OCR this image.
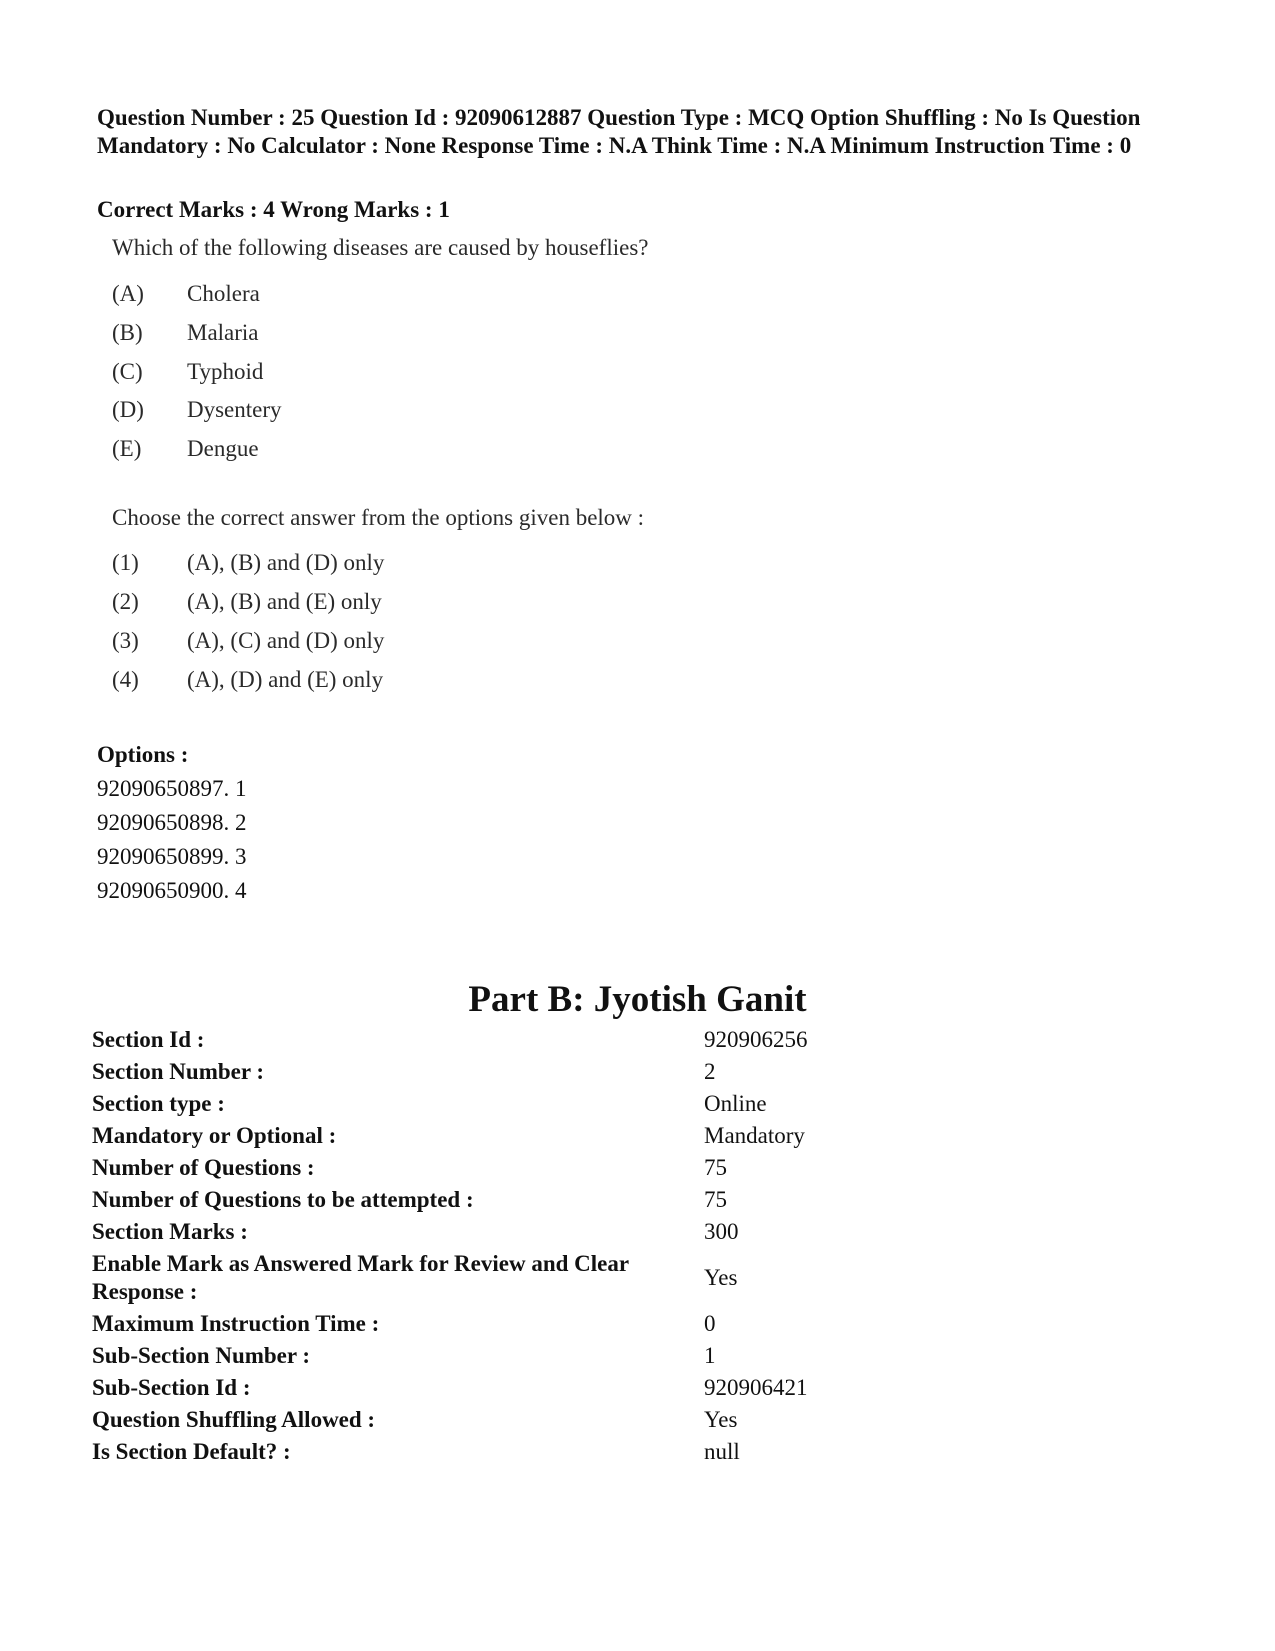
Question Number : 25 Question Id : 92090612887 Question Type : MCQ Option Shuffling : No Is Question Mandatory : No Calculator : None Response Time : N.A Think Time : N.A Minimum Instruction Time : 0
Correct Marks : 4 Wrong Marks : 1
Which of the following diseases are caused by houseflies?
(A)	Cholera
(B)	Malaria
(C)	Typhoid
(D)	Dysentery
(E)	Dengue
Choose the correct answer from the options given below :
(1)	(A), (B) and (D) only
(2)	(A), (B) and (E) only
(3)	(A), (C) and (D) only
(4)	(A), (D) and (E) only
Options :
92090650897. 1
92090650898. 2
92090650899. 3
92090650900. 4
Part B: Jyotish Ganit
Section Id :	920906256
Section Number :	2
Section type :	Online
Mandatory or Optional :	Mandatory
Number of Questions :	75
Number of Questions to be attempted :	75
Section Marks :	300
Enable Mark as Answered Mark for Review and Clear Response :	Yes
Maximum Instruction Time :	0
Sub-Section Number :	1
Sub-Section Id :	920906421
Question Shuffling Allowed :	Yes
Is Section Default? :	null
